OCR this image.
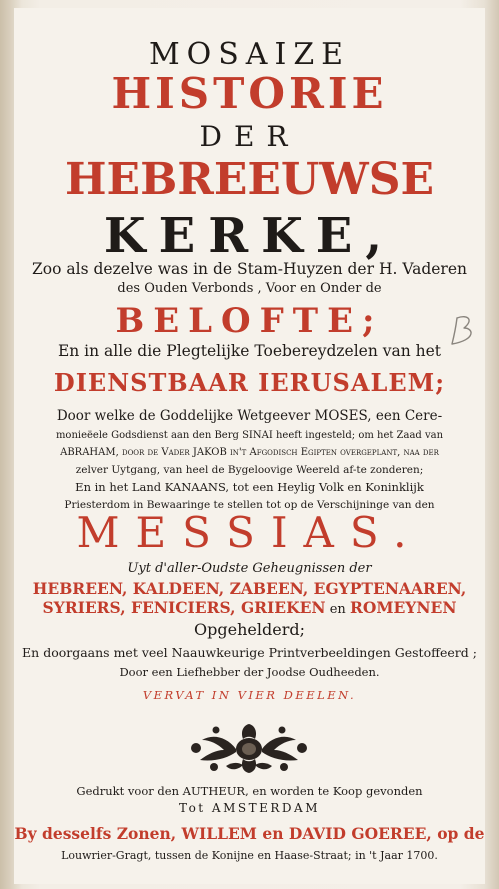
MOSAIZE
HISTORIE
DER
HEBREEUWSE
KERKE,
Zoo als dezelve was in de Stam-Huyzen der H. Vaderen
des Ouden Verbonds , Voor en Onder de
BELOFTE;
En in alle die Plegtelijke Toebereydzelen van het
DIENSTBAAR IERUSALEM;
Door welke de Goddelijke Wetgeever MOSES, een Cere-
monieëele Godsdienst aan den Berg SINAI heeft ingesteld; om het Zaad van
ABRAHAM, door de Vader JAKOB in't Afgodisch Egipten overgeplant, naa der
zelver Uytgang, van heel de Bygeloovige Weereld af-te zonderen;
En in het Land KANAANS, tot een Heylig Volk en Koninklijk
Priesterdom in Bewaaringe te stellen tot op de Verschijninge van den
MESSIAS.
Uyt d'aller-Oudste Geheugnissen der
HEBREEN, KALDEEN, ZABEEN, EGYPTENAAREN,
SYRIERS, FENICIERS, GRIEKEN en ROMEYNEN
Opgehelderd;
En doorgaans met veel Naauwkeurige Printverbeeldingen Gestoffeerd ;
Door een Liefhebber der Joodse Oudheeden.
VERVAT IN VIER DEELEN.
Gedrukt voor den AUTHEUR, en worden te Koop gevonden
Tot AMSTERDAM
By desselfs Zonen, WILLEM en DAVID GOEREE, op de
Louwrier-Gragt, tussen de Konijne en Haase-Straat; in 't Jaar 1700.
